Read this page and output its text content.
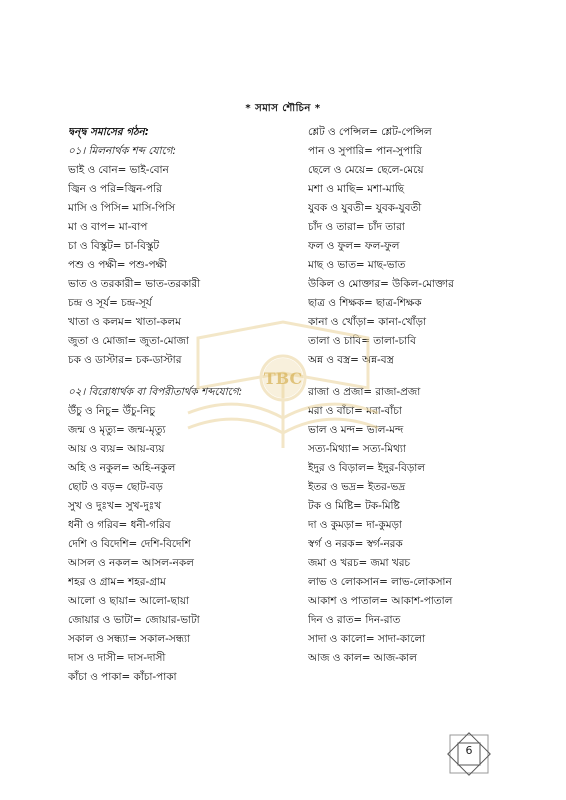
* সমাস শৌচিন *
দ্বন্দ্ব সমাসের গঠন:
০১। মিলনার্থক শব্দ যোগে:
ভাই ও বোন= ভাই-বোন
জ্বিন ও পরি=জ্বিন-পরি
মাসি ও পিসি= মাসি-পিসি
মা ও বাপ= মা-বাপ
চা ও বিস্কুট= চা-বিস্কুট
পশু ও পক্ষী= পশু-পক্ষী
ভাত ও তরকারী= ভাত-তরকারী
চন্দ্র ও সূর্য= চন্দ্র-সূর্য
খাতা ও কলম= খাতা-কলম
জুতা ও মোজা= জুতা-মোজা
চক ও ডাস্টার= চক-ডাস্টার
০২। বিরোধার্থক বা বিপরীতার্থক শব্দযোগে:
উঁচু ও নিচু= উঁচু-নিচু
জন্ম ও মৃত্যু= জন্ম-মৃত্যু
আয় ও ব্যয়= আয়-ব্যয়
অহি ও নকুল= অহি-নকুল
ছোট ও বড়= ছোট-বড়
সুখ ও দুঃখ= সুখ-দুঃখ
ধনী ও গরিব= ধনী-গরিব
দেশি ও বিদেশি= দেশি-বিদেশি
আসল ও নকল= আসল-নকল
শহর ও গ্রাম= শহর-গ্রাম
আলো ও ছায়া= আলো-ছায়া
জোয়ার ও ভাটা= জোয়ার-ভাটা
সকাল ও সন্ধ্যা= সকাল-সন্ধ্যা
দাস ও দাসী= দাস-দাসী
কাঁচা ও পাকা= কাঁচা-পাকা
শ্লেট ও পেন্সিল= শ্লেট-পেন্সিল
পান ও সুপারি= পান-সুপারি
ছেলে ও মেয়ে= ছেলে-মেয়ে
মশা ও মাছি= মশা-মাছি
যুবক ও যুবতী= যুবক-যুবতী
চাঁদ ও তারা= চাঁদ তারা
ফল ও ফুল= ফল-ফুল
মাছ ও ভাত= মাছ-ভাত
উকিল ও মোক্তার= উকিল-মোক্তার
ছাত্র ও শিক্ষক= ছাত্র-শিক্ষক
কানা ও খোঁড়া= কানা-খোঁড়া
তালা ও চাবি= তালা-চাবি
অন্ন ও বস্ত্র= অন্ন-বস্ত্র
রাজা ও প্রজা= রাজা-প্রজা
মরা ও বাঁচা= মরা-বাঁচা
ভাল ও মন্দ= ভাল-মন্দ
সত্য-মিথ্যা= সত্য-মিথ্যা
ইদুর ও বিড়াল= ইদুর-বিড়াল
ইতর ও ভদ্র= ইতর-ভদ্র
টক ও মিষ্টি= টক-মিষ্টি
দা ও কুমড়া= দা-কুমড়া
স্বর্গ ও নরক= স্বর্গ-নরক
জমা ও খরচ= জমা খরচ
লাভ ও লোকসান= লাভ-লোকসান
আকাশ ও পাতাল= আকাশ-পাতাল
দিন ও রাত= দিন-রাত
সাদা ও কালো= সাদা-কালো
আজ ও কাল= আজ-কাল
TBC
6
